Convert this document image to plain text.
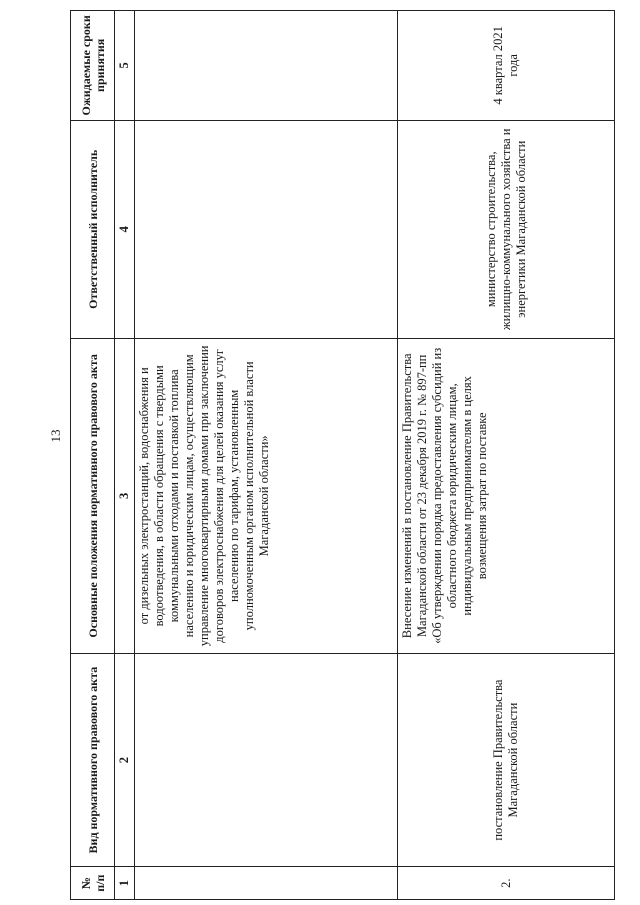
13
№ п/п	Вид нормативного правового акта	Основные положения нормативного правового акта	Ответственный исполнитель	Ожидаемые сроки принятия
1	2	3	4	5
		от дизельных электростанций, водоснабжения и водоотведения, в области обращения с твердыми коммунальными отходами и поставкой топлива населению и юридическим лицам, осуществляющим управление многоквартирными домами при заключении договоров электроснабжения для целей оказания услуг населению по тарифам, установленным уполномоченным органом исполнительной власти Магаданской области»		
2.	постановление Правительства Магаданской области	Внесение изменений в постановление Правительства Магаданской области от 23 декабря 2019 г. № 897-пп «Об утверждении порядка предоставления субсидий из областного бюджета юридическим лицам, индивидуальным предпринимателям в целях возмещения затрат по поставке	министерство строительства, жилищно-коммунального хозяйства и энергетики Магаданской области	4 квартал 2021 года
